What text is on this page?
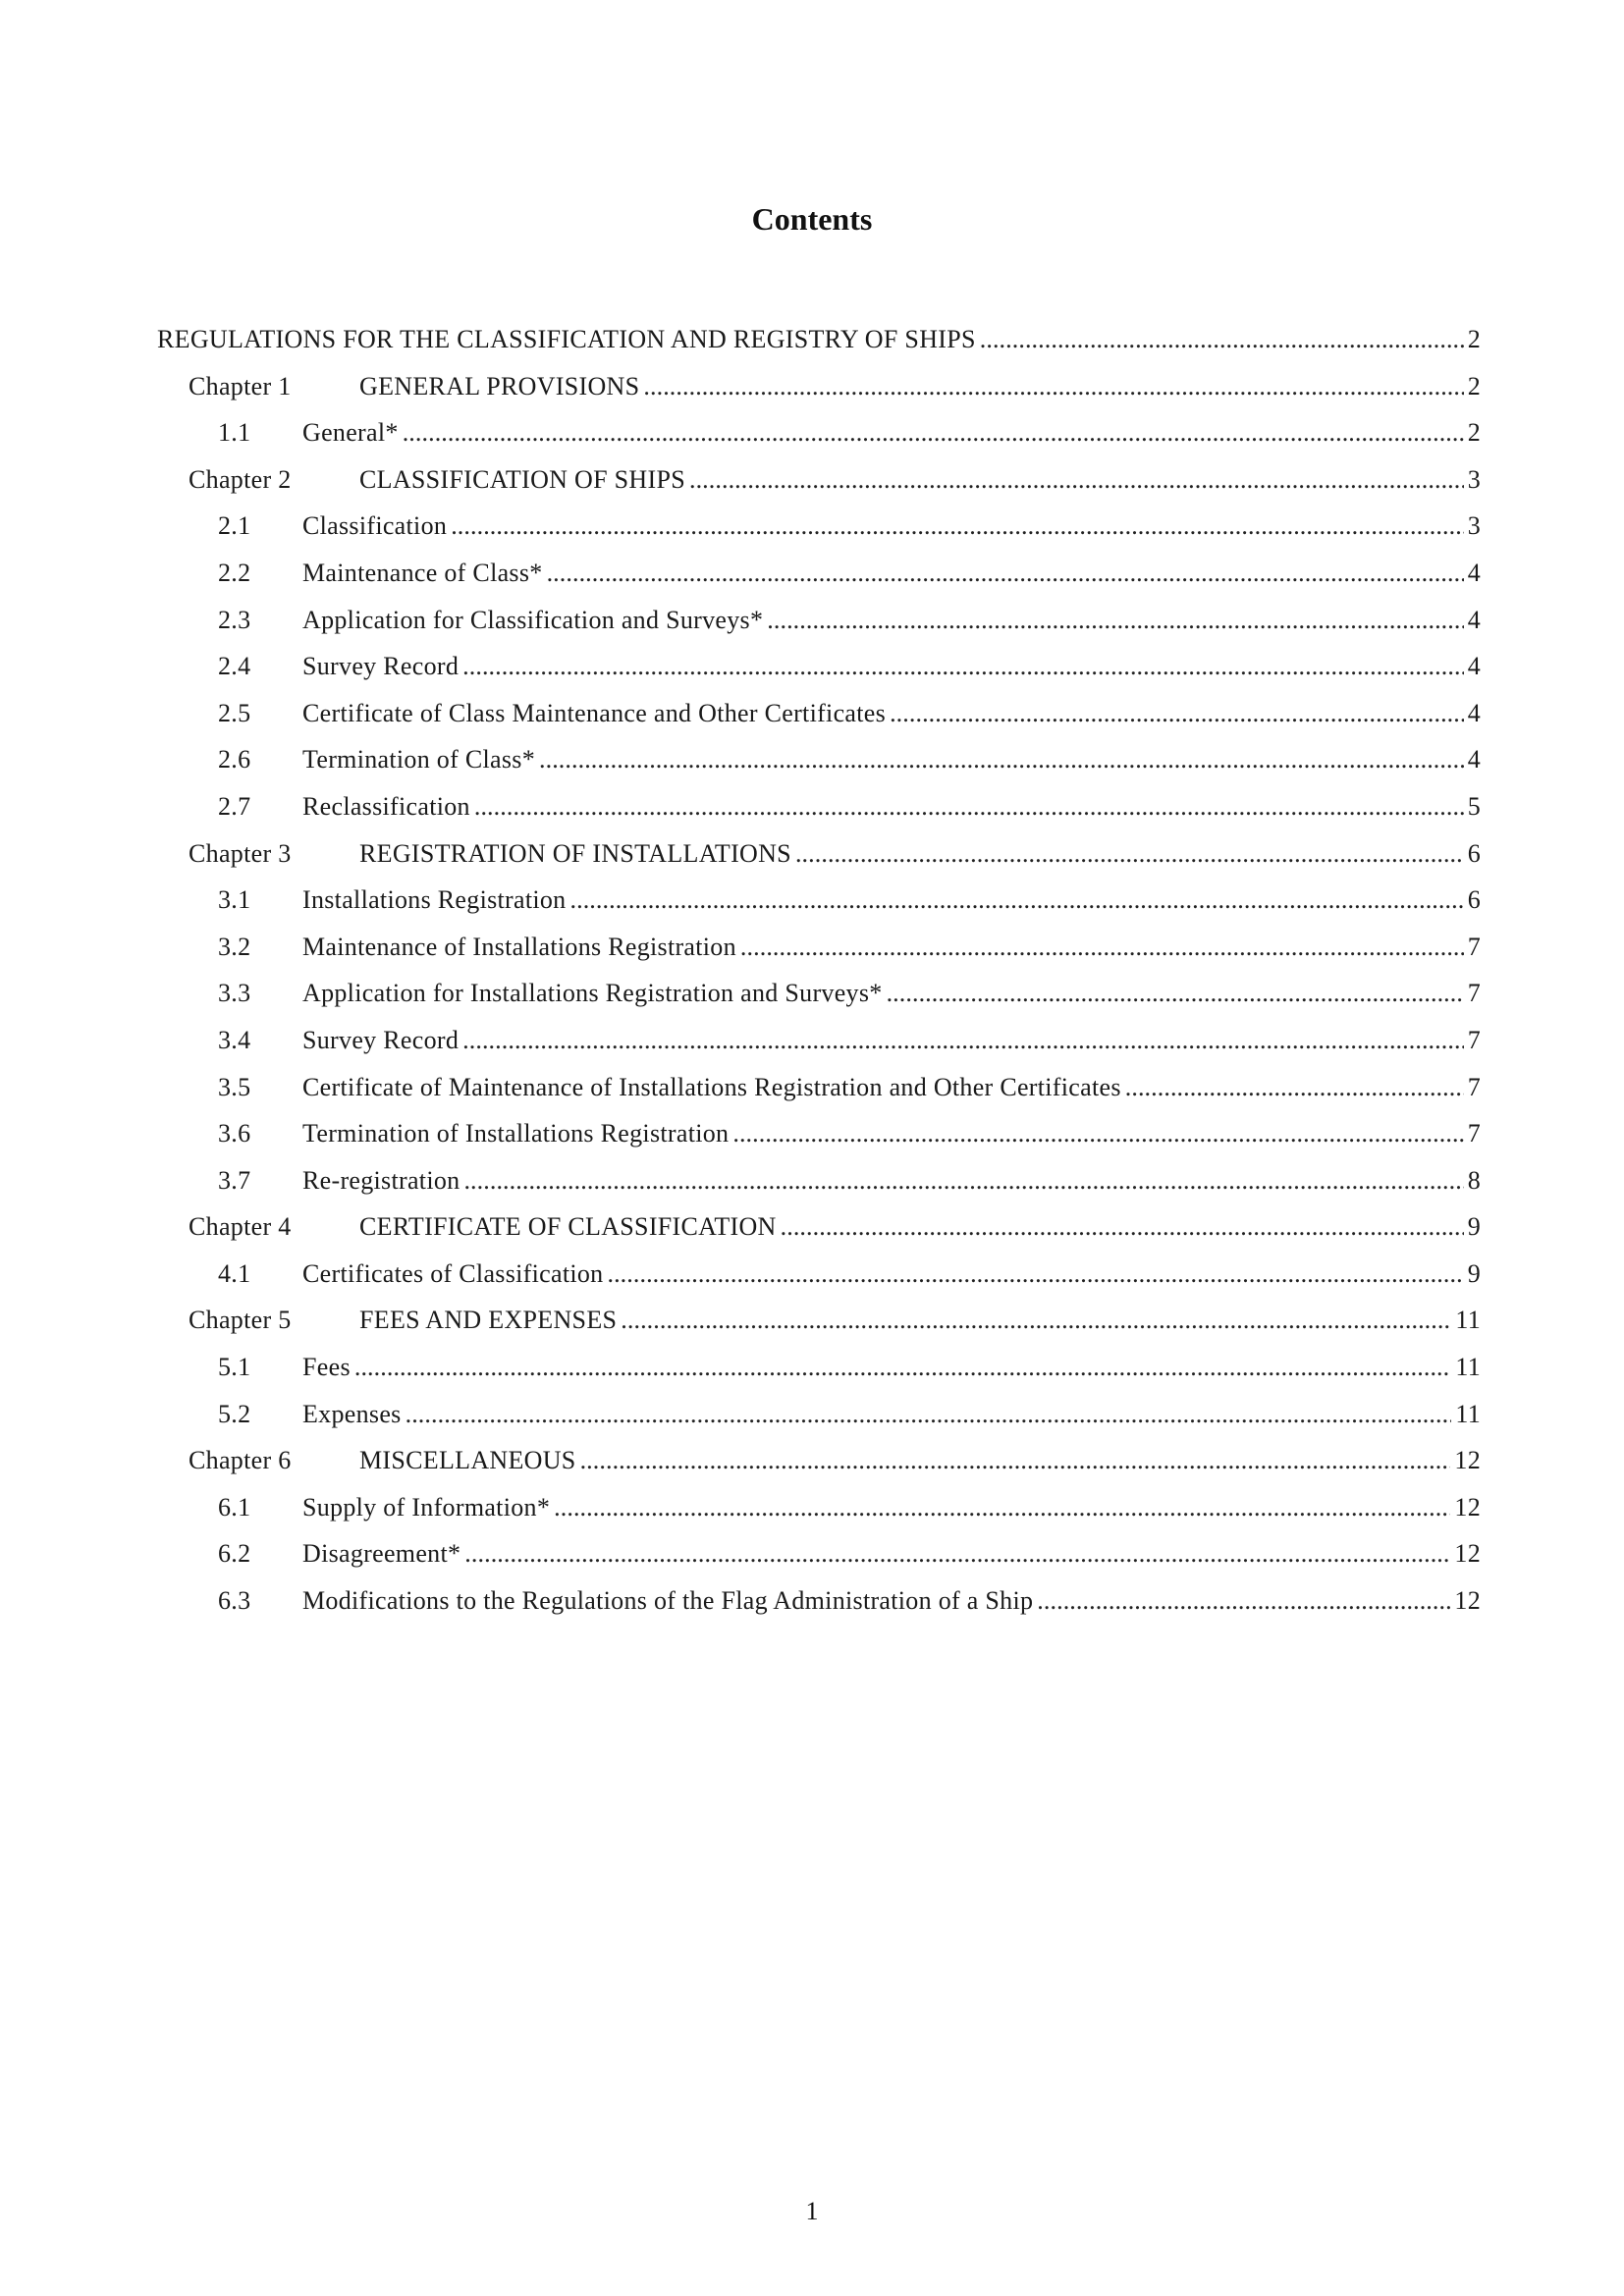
Contents
REGULATIONS FOR THE CLASSIFICATION AND REGISTRY OF SHIPS . . .	2
Chapter 1	GENERAL PROVISIONS . . .	2
1.1	General* . . .	2
Chapter 2	CLASSIFICATION OF SHIPS . . .	3
2.1	Classification . . .	3
2.2	Maintenance of Class* . . .	4
2.3	Application for Classification and Surveys* . . .	4
2.4	Survey Record . . .	4
2.5	Certificate of Class Maintenance and Other Certificates . . .	4
2.6	Termination of Class* . . .	4
2.7	Reclassification . . .	5
Chapter 3	REGISTRATION OF INSTALLATIONS . . .	6
3.1	Installations Registration . . .	6
3.2	Maintenance of Installations Registration . . .	7
3.3	Application for Installations Registration and Surveys* . . .	7
3.4	Survey Record . . .	7
3.5	Certificate of Maintenance of Installations Registration and Other Certificates . . .	7
3.6	Termination of Installations Registration . . .	7
3.7	Re-registration . . .	8
Chapter 4	CERTIFICATE OF CLASSIFICATION . . .	9
4.1	Certificates of Classification . . .	9
Chapter 5	FEES AND EXPENSES . . .	11
5.1	Fees . . .	11
5.2	Expenses . . .	11
Chapter 6	MISCELLANEOUS . . .	12
6.1	Supply of Information* . . .	12
6.2	Disagreement* . . .	12
6.3	Modifications to the Regulations of the Flag Administration of a Ship . . .	12
1
